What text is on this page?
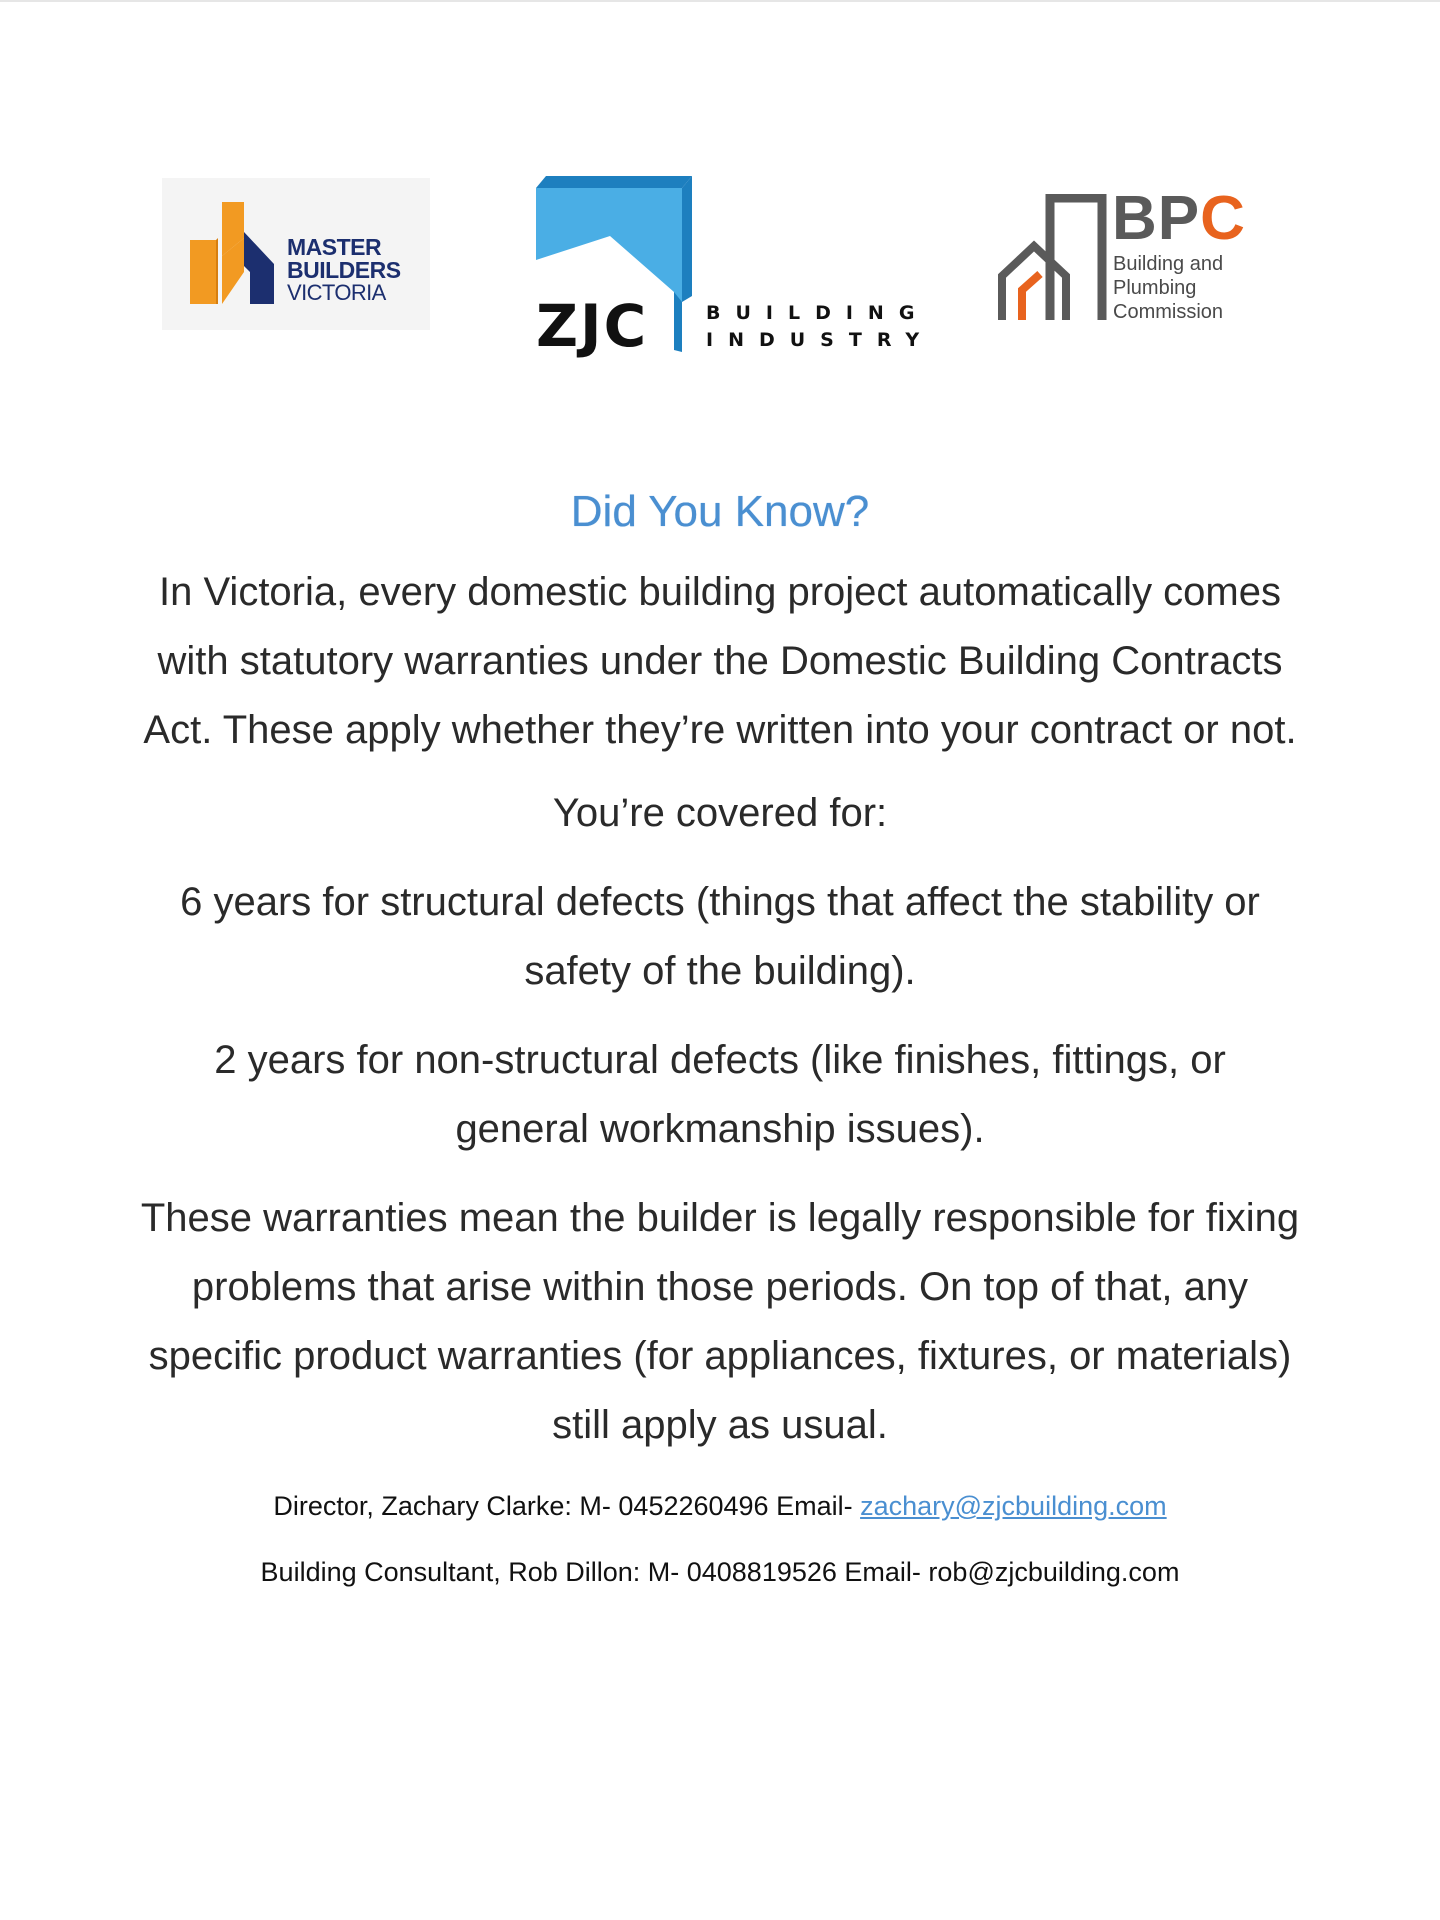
MASTER
BUILDERS
VICTORIA	ZJC	BUILDING
INDUSTRY
BPC
Building and
Plumbing
Commission
Did You Know?

In Victoria, every domestic building project automatically comes with statutory warranties under the Domestic Building Contracts Act. These apply whether they’re written into your contract or not.

You’re covered for:

6 years for structural defects (things that affect the stability or safety of the building).

2 years for non-structural defects (like finishes, fittings, or general workmanship issues).

These warranties mean the builder is legally responsible for fixing problems that arise within those periods. On top of that, any specific product warranties (for appliances, fixtures, or materials) still apply as usual.

Director, Zachary Clarke: M- 0452260496 Email- zachary@zjcbuilding.com

Building Consultant, Rob Dillon: M- 0408819526 Email- rob@zjcbuilding.com
